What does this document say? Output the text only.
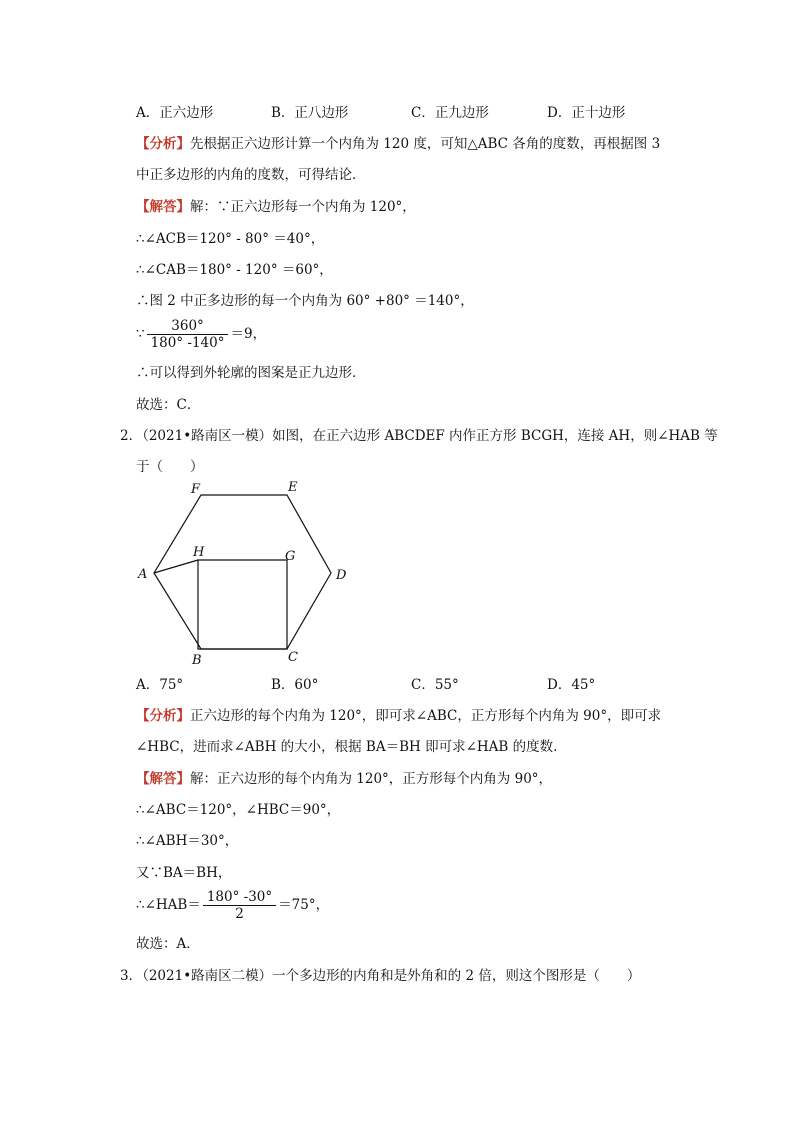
A．正六边形	B．正八边形	C．正九边形	D．正十边形
【分析】先根据正六边形计算一个内角为 120 度，可知△ABC 各角的度数，再根据图 3
中正多边形的内角的度数，可得结论．
【解答】解：∵正六边形每一个内角为 120°，
∴∠ACB＝120° - 80° ＝40°，
∴∠CAB＝180° - 120° ＝60°，
∴图 2 中正多边形的每一个内角为 60° +80° ＝140°，
∵ $\frac{360^\circ}{180^\circ -140^\circ} =9$，
∴可以得到外轮廓的图案是正九边形．
故选：C．
2．（2021•路南区一模）如图，在正六边形 ABCDEF 内作正方形 BCGH，连接 AH，则∠HAB 等
于（　　）
F	E
A	D
H	G
B	C
A．75°	B．60°	C．55°	D．45°
【分析】正六边形的每个内角为 120°，即可求∠ABC，正方形每个内角为 90°，即可求
∠HBC，进而求∠ABH 的大小，根据 BA＝BH 即可求∠HAB 的度数．
【解答】解：正六边形的每个内角为 120°，正方形每个内角为 90°，
∴∠ABC＝120°，∠HBC＝90°，
∴∠ABH＝30°，
又∵BA＝BH，
∴∠HAB＝ $\frac{180^\circ -30^\circ}{2} =75^\circ$，
故选：A．
3．（2021•路南区二模）一个多边形的内角和是外角和的 2 倍，则这个图形是（　　）
